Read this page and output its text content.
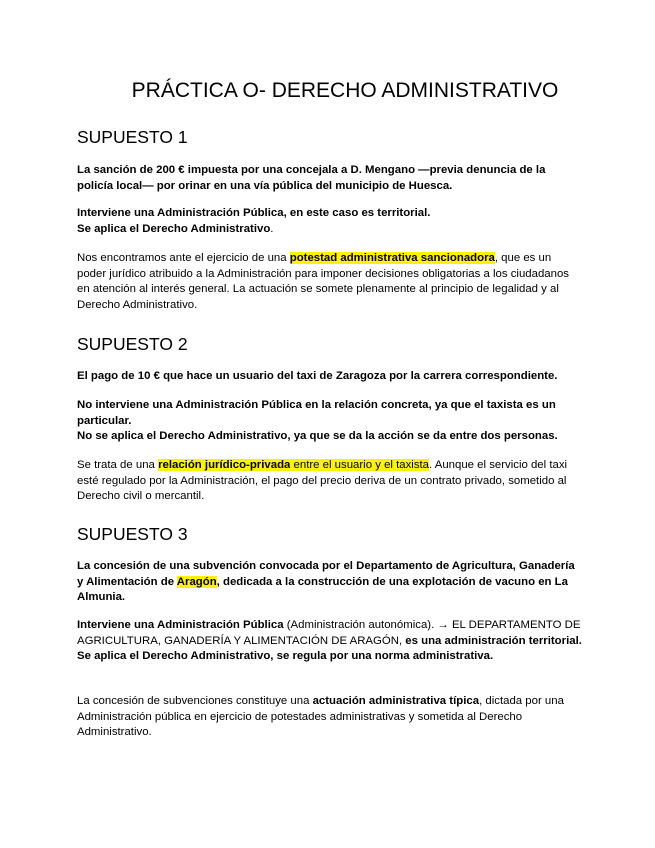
PRÁCTICA O- DERECHO ADMINISTRATIVO
SUPUESTO 1
La sanción de 200 € impuesta por una concejala a D. Mengano —previa denuncia de la policía local— por orinar en una vía pública del municipio de Huesca.
Interviene una Administración Pública, en este caso es territorial.
Se aplica el Derecho Administrativo.
Nos encontramos ante el ejercicio de una potestad administrativa sancionadora, que es un poder jurídico atribuido a la Administración para imponer decisiones obligatorias a los ciudadanos en atención al interés general. La actuación se somete plenamente al principio de legalidad y al Derecho Administrativo.
SUPUESTO 2
El pago de 10 € que hace un usuario del taxi de Zaragoza por la carrera correspondiente.
No interviene una Administración Pública en la relación concreta, ya que el taxista es un particular.
No se aplica el Derecho Administrativo, ya que se da la acción se da entre dos personas.
Se trata de una relación jurídico-privada entre el usuario y el taxista. Aunque el servicio del taxi esté regulado por la Administración, el pago del precio deriva de un contrato privado, sometido al Derecho civil o mercantil.
SUPUESTO 3
La concesión de una subvención convocada por el Departamento de Agricultura, Ganadería y Alimentación de Aragón, dedicada a la construcción de una explotación de vacuno en La Almunia.
Interviene una Administración Pública (Administración autonómica). → EL DEPARTAMENTO DE AGRICULTURA, GANADERÍA Y ALIMENTACIÓN DE ARAGÓN, es una administración territorial.
Se aplica el Derecho Administrativo, se regula por una norma administrativa.
La concesión de subvenciones constituye una actuación administrativa típica, dictada por una Administración pública en ejercicio de potestades administrativas y sometida al Derecho Administrativo.
